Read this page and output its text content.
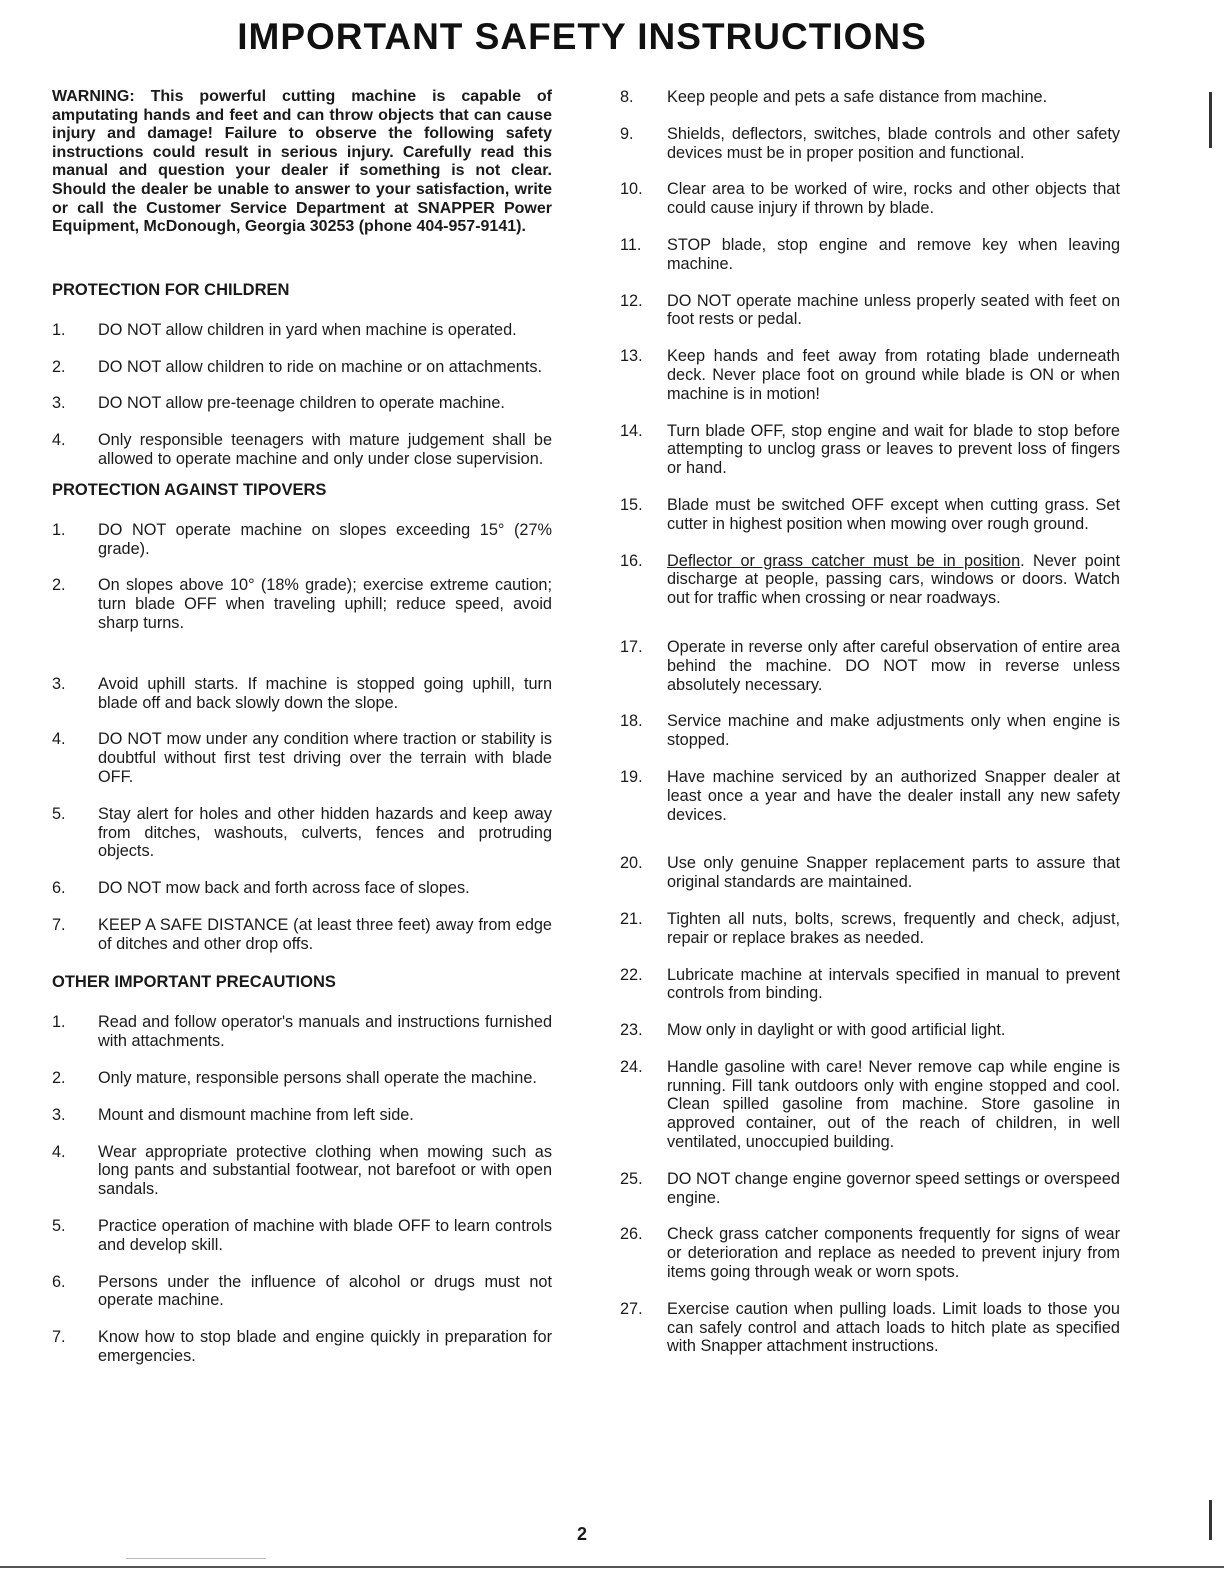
IMPORTANT SAFETY INSTRUCTIONS
WARNING: This powerful cutting machine is capable of amputating hands and feet and can throw objects that can cause injury and damage! Failure to observe the following safety instructions could result in serious injury. Carefully read this manual and question your dealer if something is not clear. Should the dealer be unable to answer to your satisfaction, write or call the Customer Service Department at SNAPPER Power Equipment, McDonough, Georgia 30253 (phone 404-957-9141).
PROTECTION FOR CHILDREN
1.	DO NOT allow children in yard when machine is operated.
2.	DO NOT allow children to ride on machine or on attachments.
3.	DO NOT allow pre-teenage children to operate machine.
4.	Only responsible teenagers with mature judgement shall be allowed to operate machine and only under close supervision.
PROTECTION AGAINST TIPOVERS
1.	DO NOT operate machine on slopes exceeding 15° (27% grade).
2.	On slopes above 10° (18% grade); exercise extreme caution; turn blade OFF when traveling uphill; reduce speed, avoid sharp turns.
3.	Avoid uphill starts. If machine is stopped going uphill, turn blade off and back slowly down the slope.
4.	DO NOT mow under any condition where traction or stability is doubtful without first test driving over the terrain with blade OFF.
5.	Stay alert for holes and other hidden hazards and keep away from ditches, washouts, culverts, fences and protruding objects.
6.	DO NOT mow back and forth across face of slopes.
7.	KEEP A SAFE DISTANCE (at least three feet) away from edge of ditches and other drop offs.
OTHER IMPORTANT PRECAUTIONS
1.	Read and follow operator's manuals and instructions furnished with attachments.
2.	Only mature, responsible persons shall operate the machine.
3.	Mount and dismount machine from left side.
4.	Wear appropriate protective clothing when mowing such as long pants and substantial footwear, not barefoot or with open sandals.
5.	Practice operation of machine with blade OFF to learn controls and develop skill.
6.	Persons under the influence of alcohol or drugs must not operate machine.
7.	Know how to stop blade and engine quickly in preparation for emergencies.
8.	Keep people and pets a safe distance from machine.
9.	Shields, deflectors, switches, blade controls and other safety devices must be in proper position and functional.
10.	Clear area to be worked of wire, rocks and other objects that could cause injury if thrown by blade.
11.	STOP blade, stop engine and remove key when leaving machine.
12.	DO NOT operate machine unless properly seated with feet on foot rests or pedal.
13.	Keep hands and feet away from rotating blade underneath deck. Never place foot on ground while blade is ON or when machine is in motion!
14.	Turn blade OFF, stop engine and wait for blade to stop before attempting to unclog grass or leaves to prevent loss of fingers or hand.
15.	Blade must be switched OFF except when cutting grass. Set cutter in highest position when mowing over rough ground.
16.	Deflector or grass catcher must be in position. Never point discharge at people, passing cars, windows or doors. Watch out for traffic when crossing or near roadways.
17.	Operate in reverse only after careful observation of entire area behind the machine. DO NOT mow in reverse unless absolutely necessary.
18.	Service machine and make adjustments only when engine is stopped.
19.	Have machine serviced by an authorized Snapper dealer at least once a year and have the dealer install any new safety devices.
20.	Use only genuine Snapper replacement parts to assure that original standards are maintained.
21.	Tighten all nuts, bolts, screws, frequently and check, adjust, repair or replace brakes as needed.
22.	Lubricate machine at intervals specified in manual to prevent controls from binding.
23.	Mow only in daylight or with good artificial light.
24.	Handle gasoline with care! Never remove cap while engine is running. Fill tank outdoors only with engine stopped and cool. Clean spilled gasoline from machine. Store gasoline in approved container, out of the reach of children, in well ventilated, unoccupied building.
25.	DO NOT change engine governor speed settings or overspeed engine.
26.	Check grass catcher components frequently for signs of wear or deterioration and replace as needed to prevent injury from items going through weak or worn spots.
27.	Exercise caution when pulling loads. Limit loads to those you can safely control and attach loads to hitch plate as specified with Snapper attachment instructions.
2
